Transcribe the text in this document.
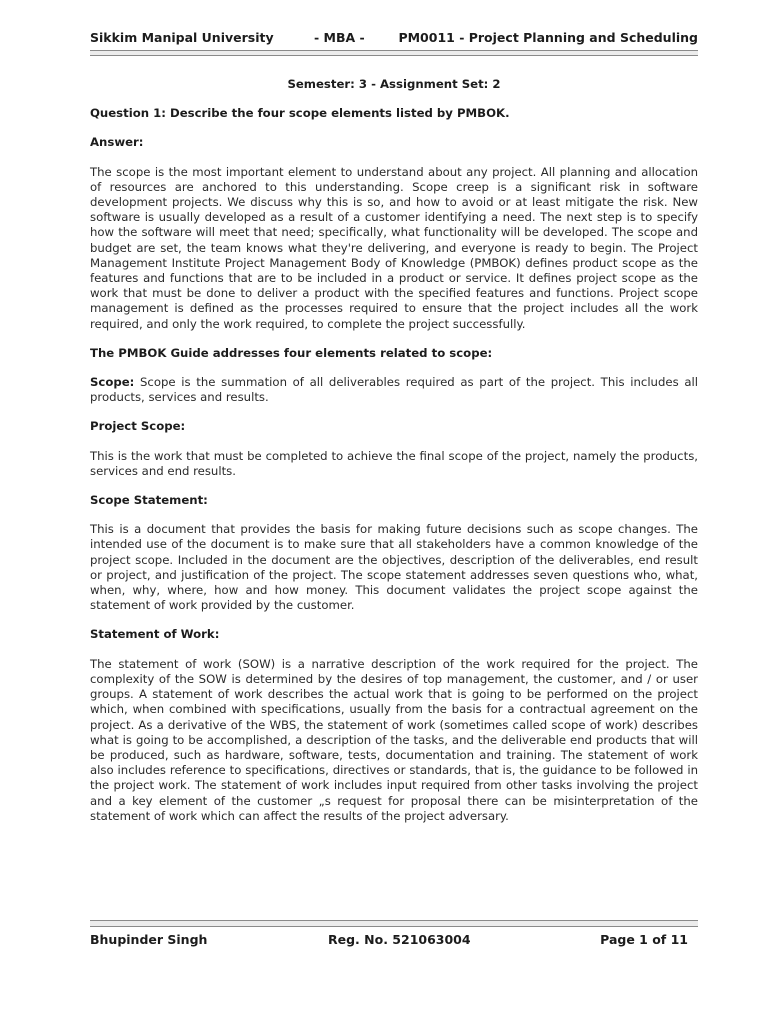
Sikkim Manipal University	- MBA -	PM0011 - Project Planning and Scheduling
Semester: 3 - Assignment Set: 2
Question 1: Describe the four scope elements listed by PMBOK.
Answer:
The scope is the most important element to understand about any project. All planning and allocation of resources are anchored to this understanding. Scope creep is a significant risk in software development projects. We discuss why this is so, and how to avoid or at least mitigate the risk. New software is usually developed as a result of a customer identifying a need. The next step is to specify how the software will meet that need; specifically, what functionality will be developed. The scope and budget are set, the team knows what they're delivering, and everyone is ready to begin. The Project Management Institute Project Management Body of Knowledge (PMBOK) defines product scope as the features and functions that are to be included in a product or service. It defines project scope as the work that must be done to deliver a product with the specified features and functions. Project scope management is defined as the processes required to ensure that the project includes all the work required, and only the work required, to complete the project successfully.
The PMBOK Guide addresses four elements related to scope:
Scope: Scope is the summation of all deliverables required as part of the project. This includes all products, services and results.
Project Scope:
This is the work that must be completed to achieve the final scope of the project, namely the products, services and end results.
Scope Statement:
This is a document that provides the basis for making future decisions such as scope changes. The intended use of the document is to make sure that all stakeholders have a common knowledge of the project scope. Included in the document are the objectives, description of the deliverables, end result or project, and justification of the project. The scope statement addresses seven questions who, what, when, why, where, how and how money. This document validates the project scope against the statement of work provided by the customer.
Statement of Work:
The statement of work (SOW) is a narrative description of the work required for the project. The complexity of the SOW is determined by the desires of top management, the customer, and / or user groups. A statement of work describes the actual work that is going to be performed on the project which, when combined with specifications, usually from the basis for a contractual agreement on the project. As a derivative of the WBS, the statement of work (sometimes called scope of work) describes what is going to be accomplished, a description of the tasks, and the deliverable end products that will be produced, such as hardware, software, tests, documentation and training. The statement of work also includes reference to specifications, directives or standards, that is, the guidance to be followed in the project work. The statement of work includes input required from other tasks involving the project and a key element of the customer „s request for proposal there can be misinterpretation of the statement of work which can affect the results of the project adversary.
Bhupinder Singh	Reg. No. 521063004	Page 1 of 11
